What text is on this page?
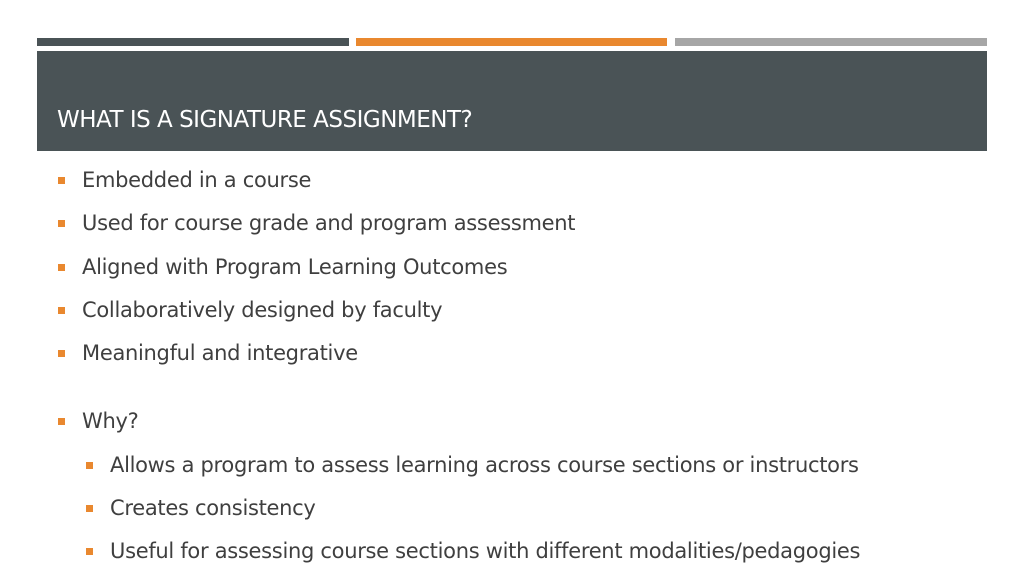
WHAT IS A SIGNATURE ASSIGNMENT?
Embedded in a course
Used for course grade and program assessment
Aligned with Program Learning Outcomes
Collaboratively designed by faculty
Meaningful and integrative
Why?
Allows a program to assess learning across course sections or instructors
Creates consistency
Useful for assessing course sections with different modalities/pedagogies
